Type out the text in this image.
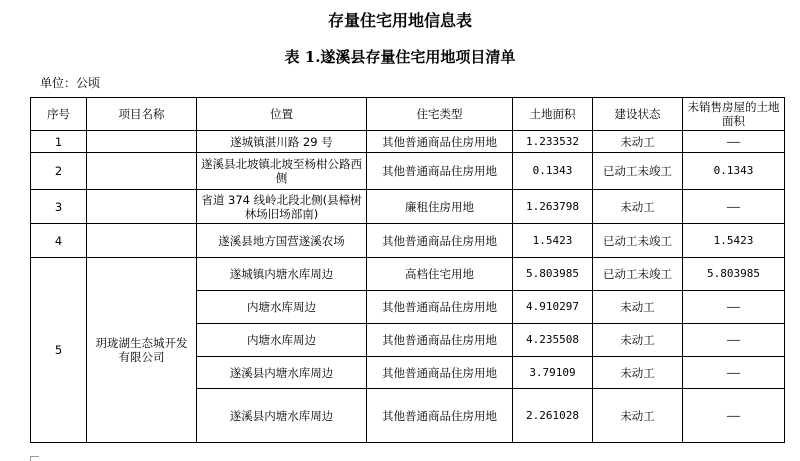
存量住宅用地信息表
表 1.遂溪县存量住宅用地项目清单
单位：公顷
序号	项目名称	位置	住宅类型	土地面积	建设状态	未销售房屋的土地面积
1		遂城镇湛川路 29 号	其他普通商品住房用地	1.233532	未动工	——
2		遂溪县北坡镇北坡至杨柑公路西侧	其他普通商品住房用地	0.1343	已动工未竣工	0.1343
3		省道 374 线岭北段北侧(县樟树林场旧场部南)	廉租住房用地	1.263798	未动工	——
4		遂溪县地方国营遂溪农场	其他普通商品住房用地	1.5423	已动工未竣工	1.5423
5	玥珑湖生态城开发有限公司	遂城镇内塘水库周边	高档住宅用地	5.803985	已动工未竣工	5.803985
		内塘水库周边	其他普通商品住房用地	4.910297	未动工	——
		内塘水库周边	其他普通商品住房用地	4.235508	未动工	——
		遂溪县内塘水库周边	其他普通商品住房用地	3.79109	未动工	——
		遂溪县内塘水库周边	其他普通商品住房用地	2.261028	未动工	——
